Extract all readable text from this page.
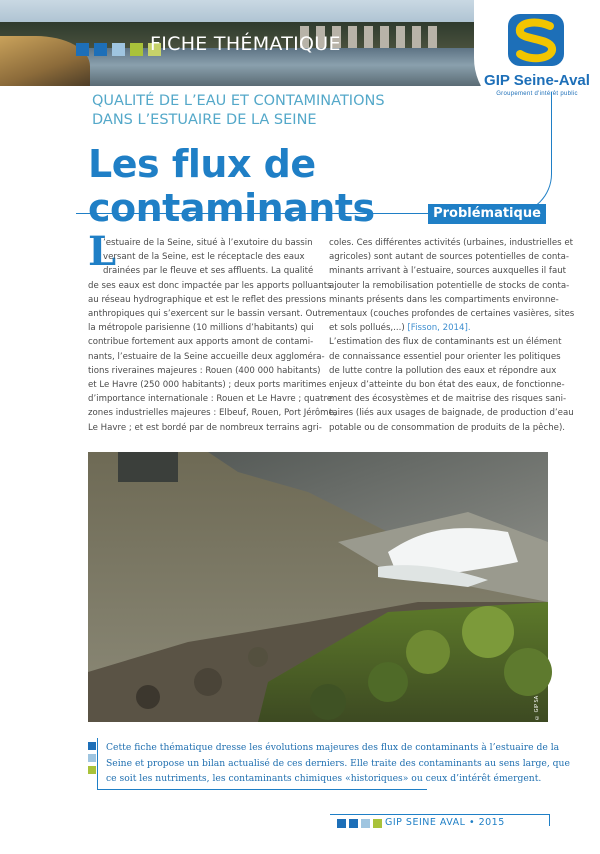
FICHE THÉMATIQUE
GIP Seine-Aval
Groupement d'intérêt public
QUALITÉ DE L’EAU ET CONTAMINATIONS
DANS L’ESTUAIRE DE LA SEINE
Les flux de contaminants	Problématique
L
’estuaire de la Seine, situé à l’exutoire du bassin
versant de la Seine, est le réceptacle des eaux
drainées par le fleuve et ses affluents. La qualité
de ses eaux est donc impactée par les apports polluants
au réseau hydrographique et est le reflet des pressions
anthropiques qui s’exercent sur le bassin versant. Outre
la métropole parisienne (10 millions d’habitants) qui
contribue fortement aux apports amont de contami-
nants, l’estuaire de la Seine accueille deux aggloméra-
tions riveraines majeures : Rouen (400 000 habitants)
et Le Havre (250 000 habitants) ; deux ports maritimes
d’importance internationale : Rouen et Le Havre ; quatre
zones industrielles majeures : Elbeuf, Rouen, Port Jérôme,
Le Havre ; et est bordé par de nombreux terrains agri-
coles. Ces différentes activités (urbaines, industrielles et
agricoles) sont autant de sources potentielles de conta-
minants arrivant à l’estuaire, sources auxquelles il faut
ajouter la remobilisation potentielle de stocks de conta-
minants présents dans les compartiments environne-
mentaux (couches profondes de certaines vasières, sites
et sols pollués,...) [Fisson, 2014].
L’estimation des flux de contaminants est un élément
de connaissance essentiel pour orienter les politiques
de lutte contre la pollution des eaux et répondre aux
enjeux d’atteinte du bon état des eaux, de fonctionne-
ment des écosystèmes et de maitrise des risques sani-
taires (liés aux usages de baignade, de production d’eau
potable ou de consommation de produits de la pêche).
© GIP SA
Cette fiche thématique dresse les évolutions majeures des flux de contaminants à l’estuaire de la
Seine et propose un bilan actualisé de ces derniers. Elle traite des contaminants au sens large, que
ce soit les nutriments, les contaminants chimiques «historiques» ou ceux d’intérêt émergent.
GIP SEINE AVAL • 2015
